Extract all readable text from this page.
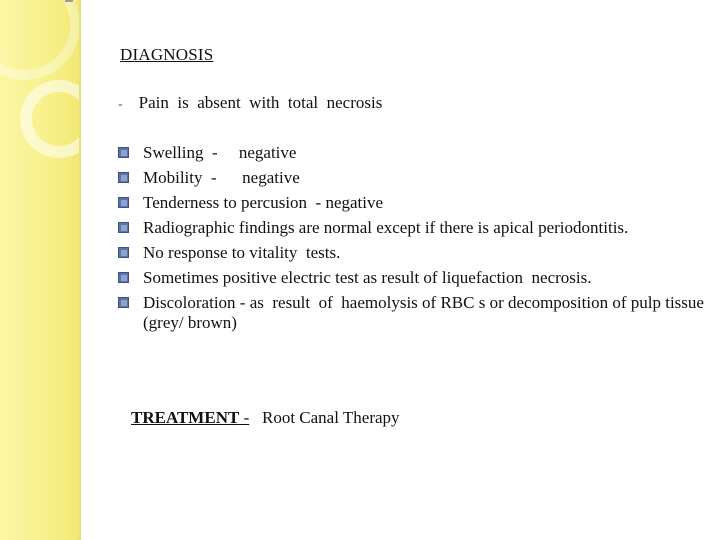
DIAGNOSIS
- Pain  is  absent  with  total  necrosis
Swelling  -     negative
Mobility  -      negative
Tenderness to percusion  - negative
Radiographic findings are normal except if there is apical periodontitis.
No response to vitality  tests.
Sometimes positive electric test as result of liquefaction  necrosis.
Discoloration - as  result  of  haemolysis of RBC s or decomposition of pulp tissue (grey/ brown)
TREATMENT -   Root Canal Therapy
